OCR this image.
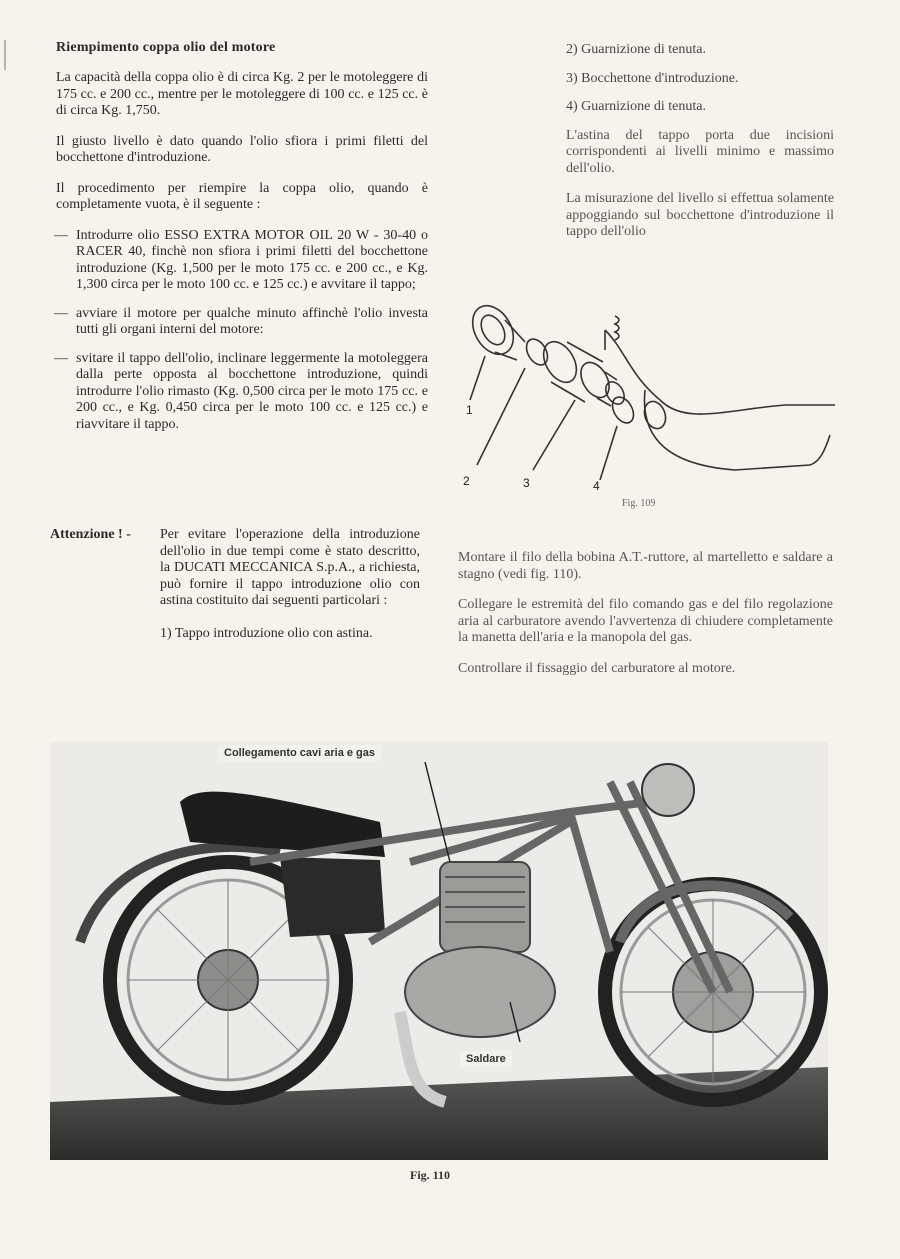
Riempimento coppa olio del motore

La capacità della coppa olio è di circa Kg. 2 per le motoleggere di 175 cc. e 200 cc., mentre per le motoleggere di 100 cc. e 125 cc. è di circa Kg. 1,750.

Il giusto livello è dato quando l'olio sfiora i primi filetti del bocchettone d'introduzione.

Il procedimento per riempire la coppa olio, quando è completamente vuota, è il seguente :

— Introdurre olio ESSO EXTRA MOTOR OIL 20 W - 30-40 o RACER 40, finchè non sfiora i primi filetti del bocchettone introduzione (Kg. 1,500 per le moto 175 cc. e 200 cc., e Kg. 1,300 circa per le moto 100 cc. e 125 cc.) e avvitare il tappo;
— avviare il motore per qualche minuto affinchè l'olio investa tutti gli organi interni del motore:
— svitare il tappo dell'olio, inclinare leggermente la motoleggera dalla perte opposta al bocchettone introduzione, quindi introdurre l'olio rimasto (Kg. 0,500 circa per le moto 175 cc. e 200 cc., e Kg. 0,450 circa per le moto 100 cc. e 125 cc.) e riavvitare il tappo.
Attenzione ! - Per evitare l'operazione della introduzione dell'olio in due tempi come è stato descritto, la DUCATI MECCANICA S.p.A., a richiesta, può fornire il tappo introduzione olio con astina costituito dai seguenti particolari :
1) Tappo introduzione olio con astina.
2) Guarnizione di tenuta.
3) Bocchettone d'introduzione.
4) Guarnizione di tenuta.

L'astina del tappo porta due incisioni corrispondenti ai livelli minimo e massimo dell'olio.

La misurazione del livello si effettua solamente appoggiando sul bocchettone d'introduzione il tappo dell'olio

1
2	3	4
Fig. 109

Montare il filo della bobina A.T.-ruttore, al martelletto e saldare a stagno (vedi fig. 110).

Collegare le estremità del filo comando gas e del filo regolazione aria al carburatore avendo l'avvertenza di chiudere completamente la manetta dell'aria e la manopola del gas.

Controllare il fissaggio del carburatore al motore.

Collegamento cavi aria e gas
Saldare
Fig. 110
